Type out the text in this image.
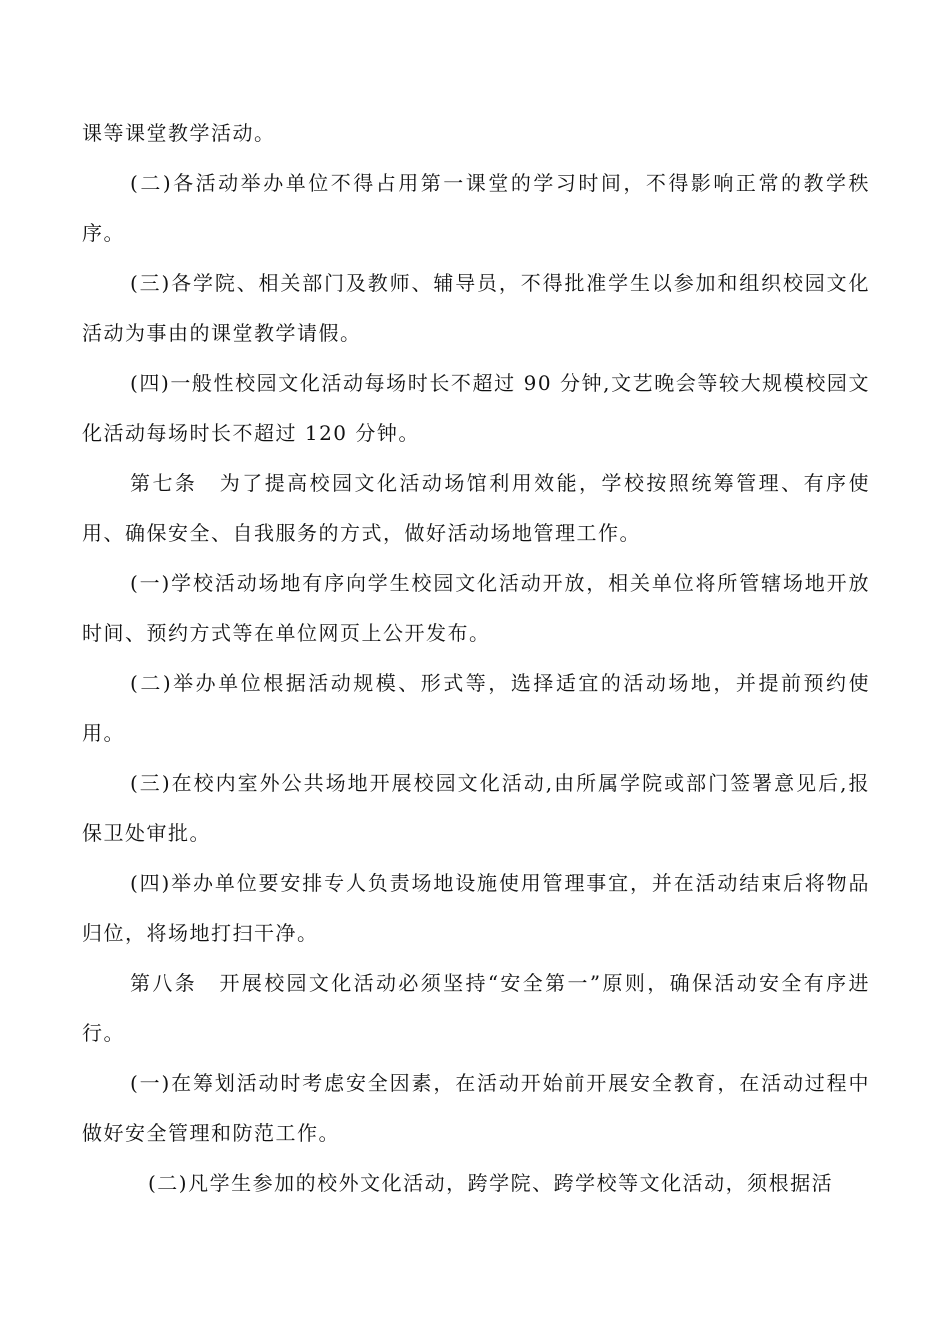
课等课堂教学活动。

(二)各活动举办单位不得占用第一课堂的学习时间，不得影响正常的教学秩序。

(三)各学院、相关部门及教师、辅导员，不得批准学生以参加和组织校园文化活动为事由的课堂教学请假。

(四)一般性校园文化活动每场时长不超过 90 分钟,文艺晚会等较大规模校园文化活动每场时长不超过 120 分钟。

第七条　为了提高校园文化活动场馆利用效能，学校按照统筹管理、有序使用、确保安全、自我服务的方式，做好活动场地管理工作。

(一)学校活动场地有序向学生校园文化活动开放，相关单位将所管辖场地开放时间、预约方式等在单位网页上公开发布。

(二)举办单位根据活动规模、形式等，选择适宜的活动场地，并提前预约使用。

(三)在校内室外公共场地开展校园文化活动,由所属学院或部门签署意见后,报保卫处审批。

(四)举办单位要安排专人负责场地设施使用管理事宜，并在活动结束后将物品归位，将场地打扫干净。

第八条　开展校园文化活动必须坚持“安全第一”原则，确保活动安全有序进行。

(一)在筹划活动时考虑安全因素，在活动开始前开展安全教育，在活动过程中做好安全管理和防范工作。

(二)凡学生参加的校外文化活动，跨学院、跨学校等文化活动，须根据活
